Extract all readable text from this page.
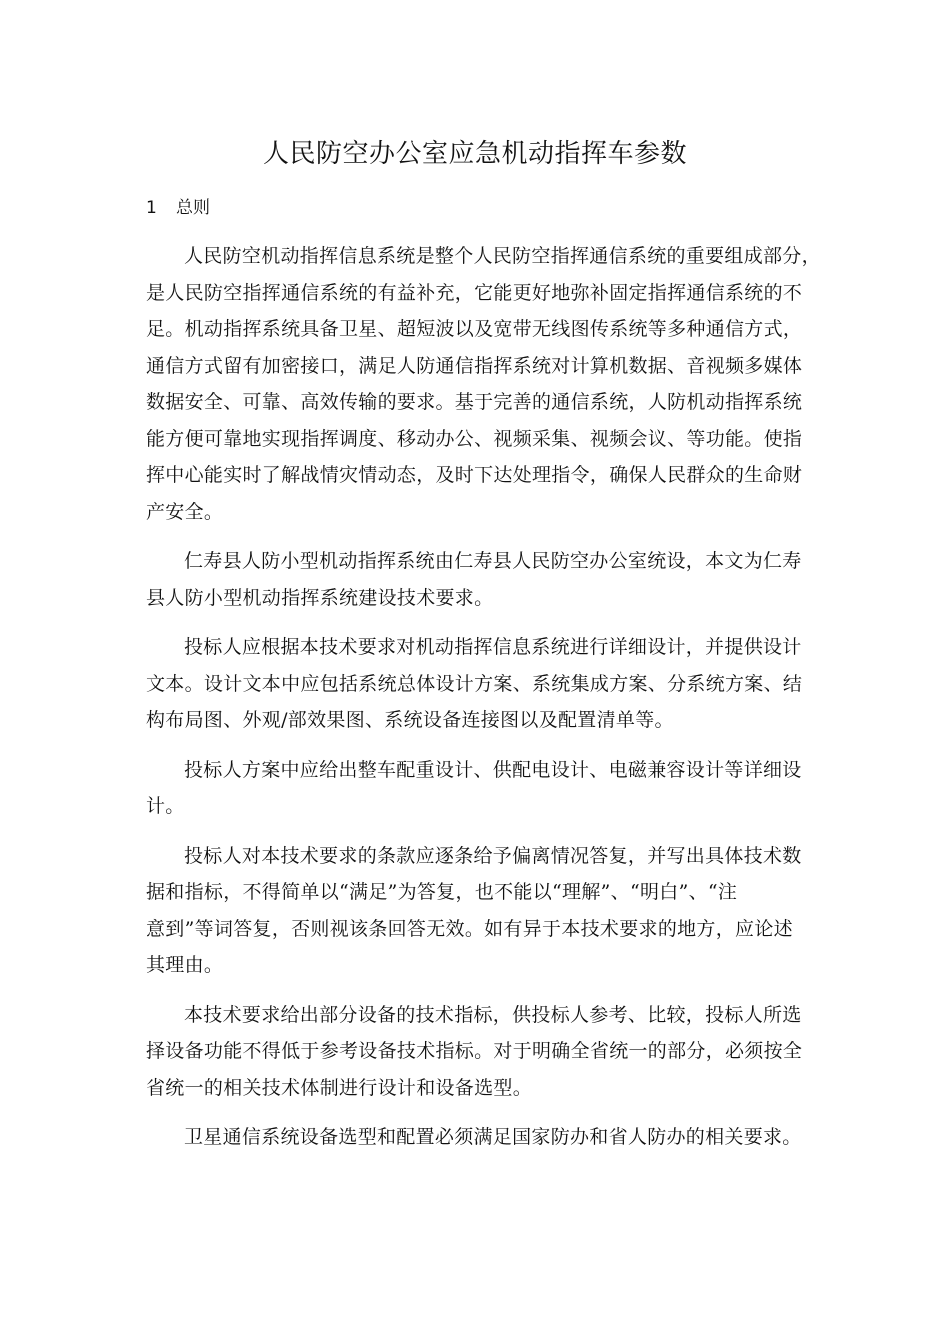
人民防空办公室应急机动指挥车参数
1 总则

人民防空机动指挥信息系统是整个人民防空指挥通信系统的重要组成部分，
是人民防空指挥通信系统的有益补充，它能更好地弥补固定指挥通信系统的不
足。机动指挥系统具备卫星、超短波以及宽带无线图传系统等多种通信方式，
通信方式留有加密接口，满足人防通信指挥系统对计算机数据、音视频多媒体
数据安全、可靠、高效传输的要求。基于完善的通信系统，人防机动指挥系统
能方便可靠地实现指挥调度、移动办公、视频采集、视频会议、等功能。使指
挥中心能实时了解战情灾情动态，及时下达处理指令，确保人民群众的生命财
产安全。

仁寿县人防小型机动指挥系统由仁寿县人民防空办公室统设，本文为仁寿
县人防小型机动指挥系统建设技术要求。

投标人应根据本技术要求对机动指挥信息系统进行详细设计，并提供设计
文本。设计文本中应包括系统总体设计方案、系统集成方案、分系统方案、结
构布局图、外观/部效果图、系统设备连接图以及配置清单等。

投标人方案中应给出整车配重设计、供配电设计、电磁兼容设计等详细设
计。

投标人对本技术要求的条款应逐条给予偏离情况答复，并写出具体技术数
据和指标，不得简单以“满足”为答复，也不能以“理解”、“明白”、“注
意到”等词答复，否则视该条回答无效。如有异于本技术要求的地方，应论述
其理由。

本技术要求给出部分设备的技术指标，供投标人参考、比较，投标人所选
择设备功能不得低于参考设备技术指标。对于明确全省统一的部分，必须按全
省统一的相关技术体制进行设计和设备选型。

卫星通信系统设备选型和配置必须满足国家防办和省人防办的相关要求。
